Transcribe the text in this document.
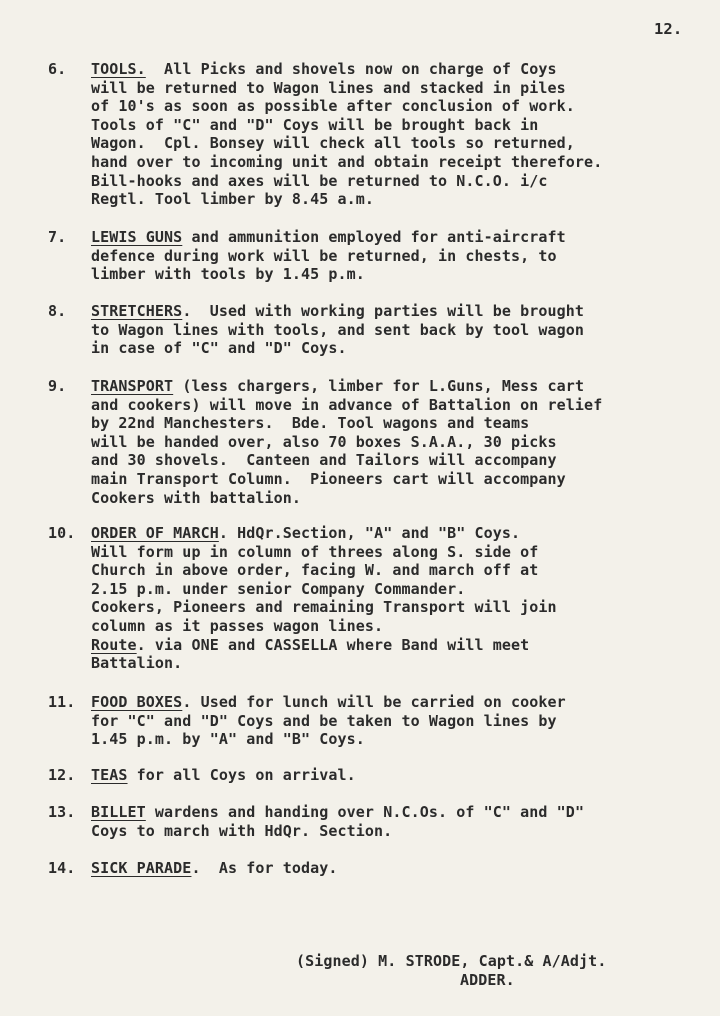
12.
6. TOOLS.  All Picks and shovels now on charge of Coys
will be returned to Wagon lines and stacked in piles
of 10's as soon as possible after conclusion of work.
Tools of "C" and "D" Coys will be brought back in
Wagon.  Cpl. Bonsey will check all tools so returned,
hand over to incoming unit and obtain receipt therefore.
Bill-hooks and axes will be returned to N.C.O. i/c
Regtl. Tool limber by 8.45 a.m.
7. LEWIS GUNS and ammunition employed for anti-aircraft
defence during work will be returned, in chests, to
limber with tools by 1.45 p.m.
8. STRETCHERS.  Used with working parties will be brought
to Wagon lines with tools, and sent back by tool wagon
in case of "C" and "D" Coys.
9. TRANSPORT (less chargers, limber for L.Guns, Mess cart
and cookers) will move in advance of Battalion on relief
by 22nd Manchesters.  Bde. Tool wagons and teams
will be handed over, also 70 boxes S.A.A., 30 picks
and 30 shovels.  Canteen and Tailors will accompany
main Transport Column.  Pioneers cart will accompany
Cookers with battalion.
10. ORDER OF MARCH. HdQr.Section, "A" and "B" Coys.
Will form up in column of threes along S. side of
Church in above order, facing W. and march off at
2.15 p.m. under senior Company Commander.
Cookers, Pioneers and remaining Transport will join
column as it passes wagon lines.
Route. via ONE and CASSELLA where Band will meet
Battalion.
11. FOOD BOXES. Used for lunch will be carried on cooker
for "C" and "D" Coys and be taken to Wagon lines by
1.45 p.m. by "A" and "B" Coys.
12. TEAS for all Coys on arrival.
13. BILLET wardens and handing over N.C.Os. of "C" and "D"
Coys to march with HdQr. Section.
14. SICK PARADE.  As for today.
(Signed) M. STRODE, Capt.& A/Adjt.
ADDER.
